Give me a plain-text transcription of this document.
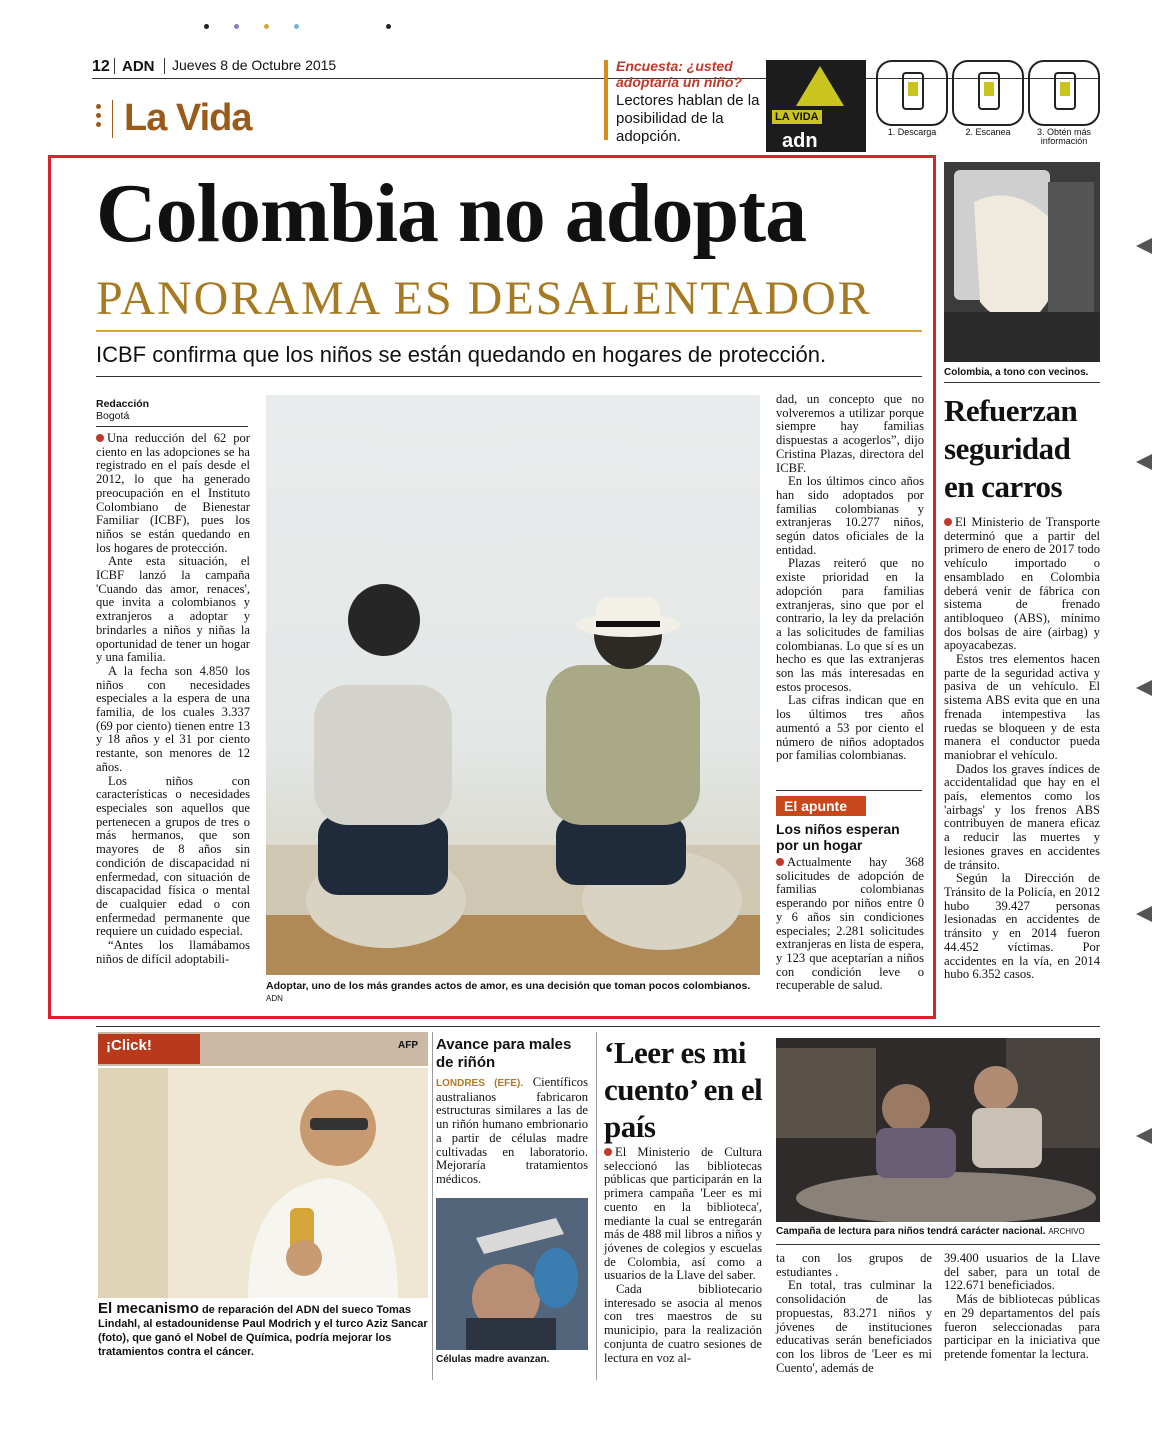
12 ADN Jueves 8 de Octubre 2015
La Vida
Encuesta: ¿usted adoptaría un niño?
Lectores hablan de la posibilidad de la adopción.
LA VIDA
adn	1. Descarga	2. Escanea	3. Obtén más información
Colombia no adopta
PANORAMA ES DESALENTADOR
ICBF confirma que los niños se están quedando en hogares de protección.
Redacción
Bogotá

Una reducción del 62 por ciento en las adopciones se ha registrado en el país desde el 2012, lo que ha generado preocupación en el Instituto Colombiano de Bienestar Familiar (ICBF), pues los niños se están quedando en los hogares de protección.

Ante esta situación, el ICBF lanzó la campaña 'Cuando das amor, renaces', que invita a colombianos y extranjeros a adoptar y brindarles a niños y niñas la oportunidad de tener un hogar y una familia.

A la fecha son 4.850 los niños con necesidades especiales a la espera de una familia, de los cuales 3.337 (69 por ciento) tienen entre 13 y 18 años y el 31 por ciento restante, son menores de 12 años.

Los niños con características o necesidades especiales son aquellos que pertenecen a grupos de tres o más hermanos, que son mayores de 8 años sin condición de discapacidad ni enfermedad, con situación de discapacidad física o mental de cualquier edad o con enfermedad permanente que requiere un cuidado especial.

“Antes los llamábamos niños de difícil adoptabili-

Adoptar, uno de los más grandes actos de amor, es una decisión que toman pocos colombianos. ADN

dad, un concepto que no volveremos a utilizar porque siempre hay familias dispuestas a acogerlos”, dijo Cristina Plazas, directora del ICBF.

En los últimos cinco años han sido adoptados por familias colombianas y extranjeras 10.277 niños, según datos oficiales de la entidad.

Plazas reiteró que no existe prioridad en la adopción para familias extranjeras, sino que por el contrario, la ley da prelación a las solicitudes de familias colombianas. Lo que sí es un hecho es que las extranjeras son las más interesadas en estos procesos.

Las cifras indican que en los últimos tres años aumentó a 53 por ciento el número de niños adoptados por familias colombianas.

El apunte
Los niños esperan por un hogar

Actualmente hay 368 solicitudes de adopción de familias colombianas esperando por niños entre 0 y 6 años sin condiciones especiales; 2.281 solicitudes extranjeras en lista de espera, y 123 que aceptarían a niños con condición leve o recuperable de salud.

Colombia, a tono con vecinos.
Refuerzan seguridad en carros

El Ministerio de Transporte determinó que a partir del primero de enero de 2017 todo vehículo importado o ensamblado en Colombia deberá venir de fábrica con sistema de frenado antibloqueo (ABS), mínimo dos bolsas de aire (airbag) y apoyacabezas.

Estos tres elementos hacen parte de la seguridad activa y pasiva de un vehículo. El sistema ABS evita que en una frenada intempestiva las ruedas se bloqueen y de esta manera el conductor pueda maniobrar el vehículo.

Dados los graves índices de accidentalidad que hay en el país, elementos como los 'airbags' y los frenos ABS contribuyen de manera eficaz a reducir las muertes y lesiones graves en accidentes de tránsito.

Según la Dirección de Tránsito de la Policía, en 2012 hubo 39.427 personas lesionadas en accidentes de tránsito y en 2014 fueron 44.452 víctimas. Por accidentes en la vía, en 2014 hubo 6.352 casos.

¡Click!	AFP
El mecanismo de reparación del ADN del sueco Tomas Lindahl, al estadounidense Paul Modrich y el turco Aziz Sancar (foto), que ganó el Nobel de Química, podría mejorar los tratamientos contra el cáncer.
Avance para males de riñón

LONDRES (EFE). Científicos australianos fabricaron estructuras similares a las de un riñón humano embrionario a partir de células madre cultivadas en laboratorio. Mejoraría tratamientos médicos.

Células madre avanzan.
‘Leer es mi cuento’ en el país

El Ministerio de Cultura seleccionó las bibliotecas públicas que participarán en la primera campaña 'Leer es mi cuento en la biblioteca', mediante la cual se entregarán más de 488 mil libros a niños y jóvenes de colegios y escuelas de Colombia, así como a usuarios de la Llave del saber.

Cada bibliotecario interesado se asocia al menos con tres maestros de su municipio, para la realización conjunta de cuatro sesiones de lectura en voz al-

Campaña de lectura para niños tendrá carácter nacional. ARCHIVO

ta con los grupos de estudiantes .

En total, tras culminar la consolidación de las propuestas, 83.271 niños y jóvenes de instituciones educativas serán beneficiados con los libros de 'Leer es mi Cuento', además de

39.400 usuarios de la Llave del saber, para un total de 122.671 beneficiados.

Más de bibliotecas públicas en 29 departamentos del país fueron seleccionadas para participar en la iniciativa que pretende fomentar la lectura.
